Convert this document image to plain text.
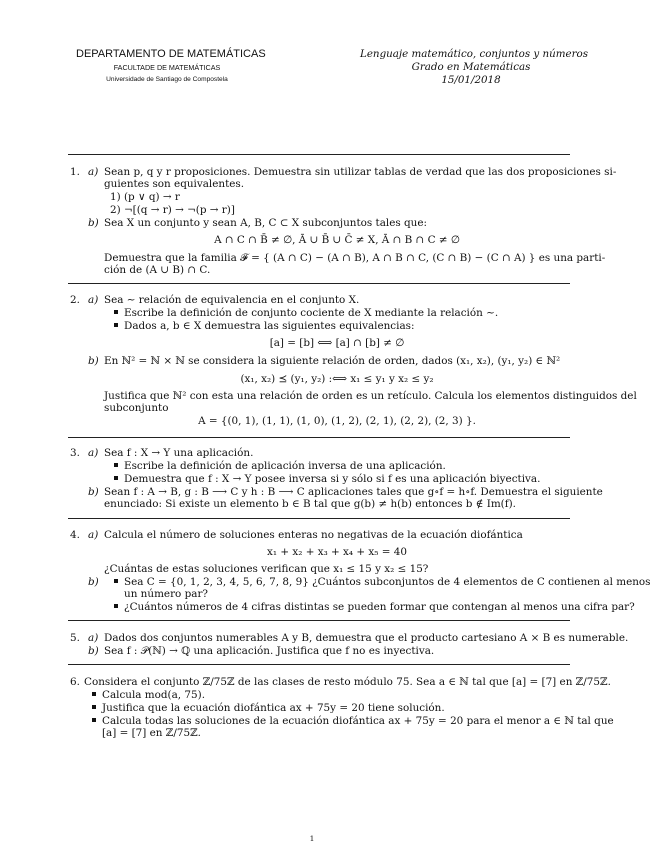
DEPARTAMENTO DE MATEMÁTICAS
FACULTADE DE MATEMÁTICAS
Universidade de Santiago de Compostela
Lenguaje matemático, conjuntos y números
Grado en Matemáticas
15/01/2018
1. a) Sean p, q y r proposiciones. Demuestra sin utilizar tablas de verdad que las dos proposiciones si-
guientes son equivalentes.
1) (p ∨ q) → r
2) ¬[(q → r) → ¬(p → r)]
b) Sea X un conjunto y sean A, B, C ⊂ X subconjuntos tales que:
A ∩ C ∩ B̄ ≠ ∅, Ā ∪ B̄ ∪ C̄ ≠ X, Ā ∩ B ∩ C ≠ ∅
Demuestra que la familia 𝓕 = { (A ∩ C) − (A ∩ B), A ∩ B ∩ C, (C ∩ B) − (C ∩ A) } es una parti-
ción de (A ∪ B) ∩ C.
2. a) Sea ∼ relación de equivalencia en el conjunto X.
Escribe la definición de conjunto cociente de X mediante la relación ∼.
Dados a, b ∈ X demuestra las siguientes equivalencias:
[a] = [b] ⟺ [a] ∩ [b] ≠ ∅
b) En ℕ² = ℕ × ℕ se considera la siguiente relación de orden, dados (x₁, x₂), (y₁, y₂) ∈ ℕ²
(x₁, x₂) ⪯ (y₁, y₂) :⟺ x₁ ≤ y₁ y x₂ ≤ y₂
Justifica que ℕ² con esta una relación de orden es un retículo. Calcula los elementos distinguidos del
subconjunto
A = {(0, 1), (1, 1), (1, 0), (1, 2), (2, 1), (2, 2), (2, 3) }.
3. a) Sea f : X → Y una aplicación.
Escribe la definición de aplicación inversa de una aplicación.
Demuestra que f : X → Y posee inversa si y sólo si f es una aplicación biyectiva.
b) Sean f : A → B, g : B ⟶ C y h : B ⟶ C aplicaciones tales que g∘f = h∘f. Demuestra el siguiente
enunciado: Si existe un elemento b ∈ B tal que g(b) ≠ h(b) entonces b ∉ Im(f).
4. a) Calcula el número de soluciones enteras no negativas de la ecuación diofántica
x₁ + x₂ + x₃ + x₄ + x₅ = 40
¿Cuántas de estas soluciones verifican que x₁ ≤ 15 y x₂ ≤ 15?
b)	Sea C = {0, 1, 2, 3, 4, 5, 6, 7, 8, 9} ¿Cuántos subconjuntos de 4 elementos de C contienen al menos
un número par?
¿Cuántos números de 4 cifras distintas se pueden formar que contengan al menos una cifra par?
5. a) Dados dos conjuntos numerables A y B, demuestra que el producto cartesiano A × B es numerable.
b) Sea f : 𝒫(ℕ) → ℚ una aplicación. Justifica que f no es inyectiva.
6. Considera el conjunto ℤ/75ℤ de las clases de resto módulo 75. Sea a ∈ ℕ tal que [a] = [7] en ℤ/75ℤ.
Calcula mod(a, 75).
Justifica que la ecuación diofántica ax + 75y = 20 tiene solución.
Calcula todas las soluciones de la ecuación diofántica ax + 75y = 20 para el menor a ∈ ℕ tal que
[a] = [7] en ℤ/75ℤ.
1
